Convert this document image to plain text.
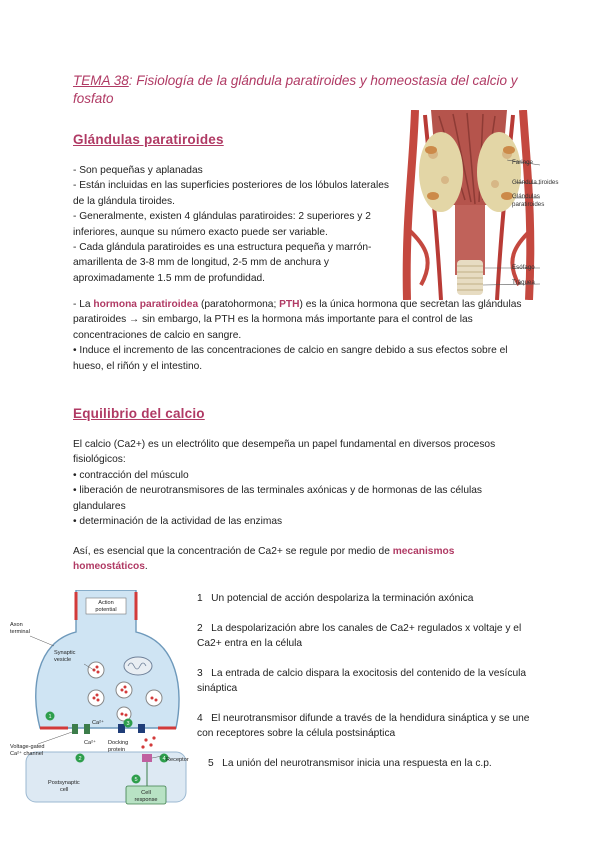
TEMA 38: Fisiología de la glándula paratiroides y homeostasia del calcio y fosfato
Glándulas paratiroides
- Son pequeñas y aplanadas
- Están incluidas en las superficies posteriores de los lóbulos laterales de la glándula tiroides.
- Generalmente, existen 4 glándulas paratiroides: 2 superiores y 2 inferiores, aunque su número exacto puede ser variable.
- Cada glándula paratiroides es una estructura pequeña y marrón-amarillenta de 3-8 mm de longitud, 2-5 mm de anchura y aproximadamente 1.5 mm de profundidad.
- La hormona paratiroidea (paratohormona; PTH) es la única hormona que secretan las glándulas paratiroides → sin embargo, la PTH es la hormona más importante para el control de las concentraciones de calcio en sangre.
• Induce el incremento de las concentraciones de calcio en sangre debido a sus efectos sobre el hueso, el riñón y el intestino.
Faringe
Glándula tiroides
Glándulas paratiroides
Esófago
Tráquea
Equilibrio del calcio
El calcio (Ca2+) es un electrólito que desempeña un papel fundamental en diversos procesos fisiológicos:
• contracción del músculo
• liberación de neurotransmisores de las terminales axónicas y de hormonas de las células glandulares
• determinación de la actividad de las enzimas
Así, es esencial que la concentración de Ca2+ se regule por medio de mecanismos homeostáticos.
Action
potential
1
2
3
4
5
Axon
terminal
Synaptic
vesicle
Ca²⁺
Ca²⁺
Voltage-gated
Ca²⁺ channel
Docking
protein
Receptor
Postsynaptic
cell	Cell
response
1 Un potencial de acción despolariza la terminación axónica
2 La despolarización abre los canales de Ca2+ regulados x voltaje y el Ca2+ entra en la célula
3 La entrada de calcio dispara la exocitosis del contenido de la vesícula sináptica
4 El neurotransmisor difunde a través de la hendidura sináptica y se une con receptores sobre la célula postsináptica
5 La unión del neurotransmisor inicia una respuesta en la c.p.
